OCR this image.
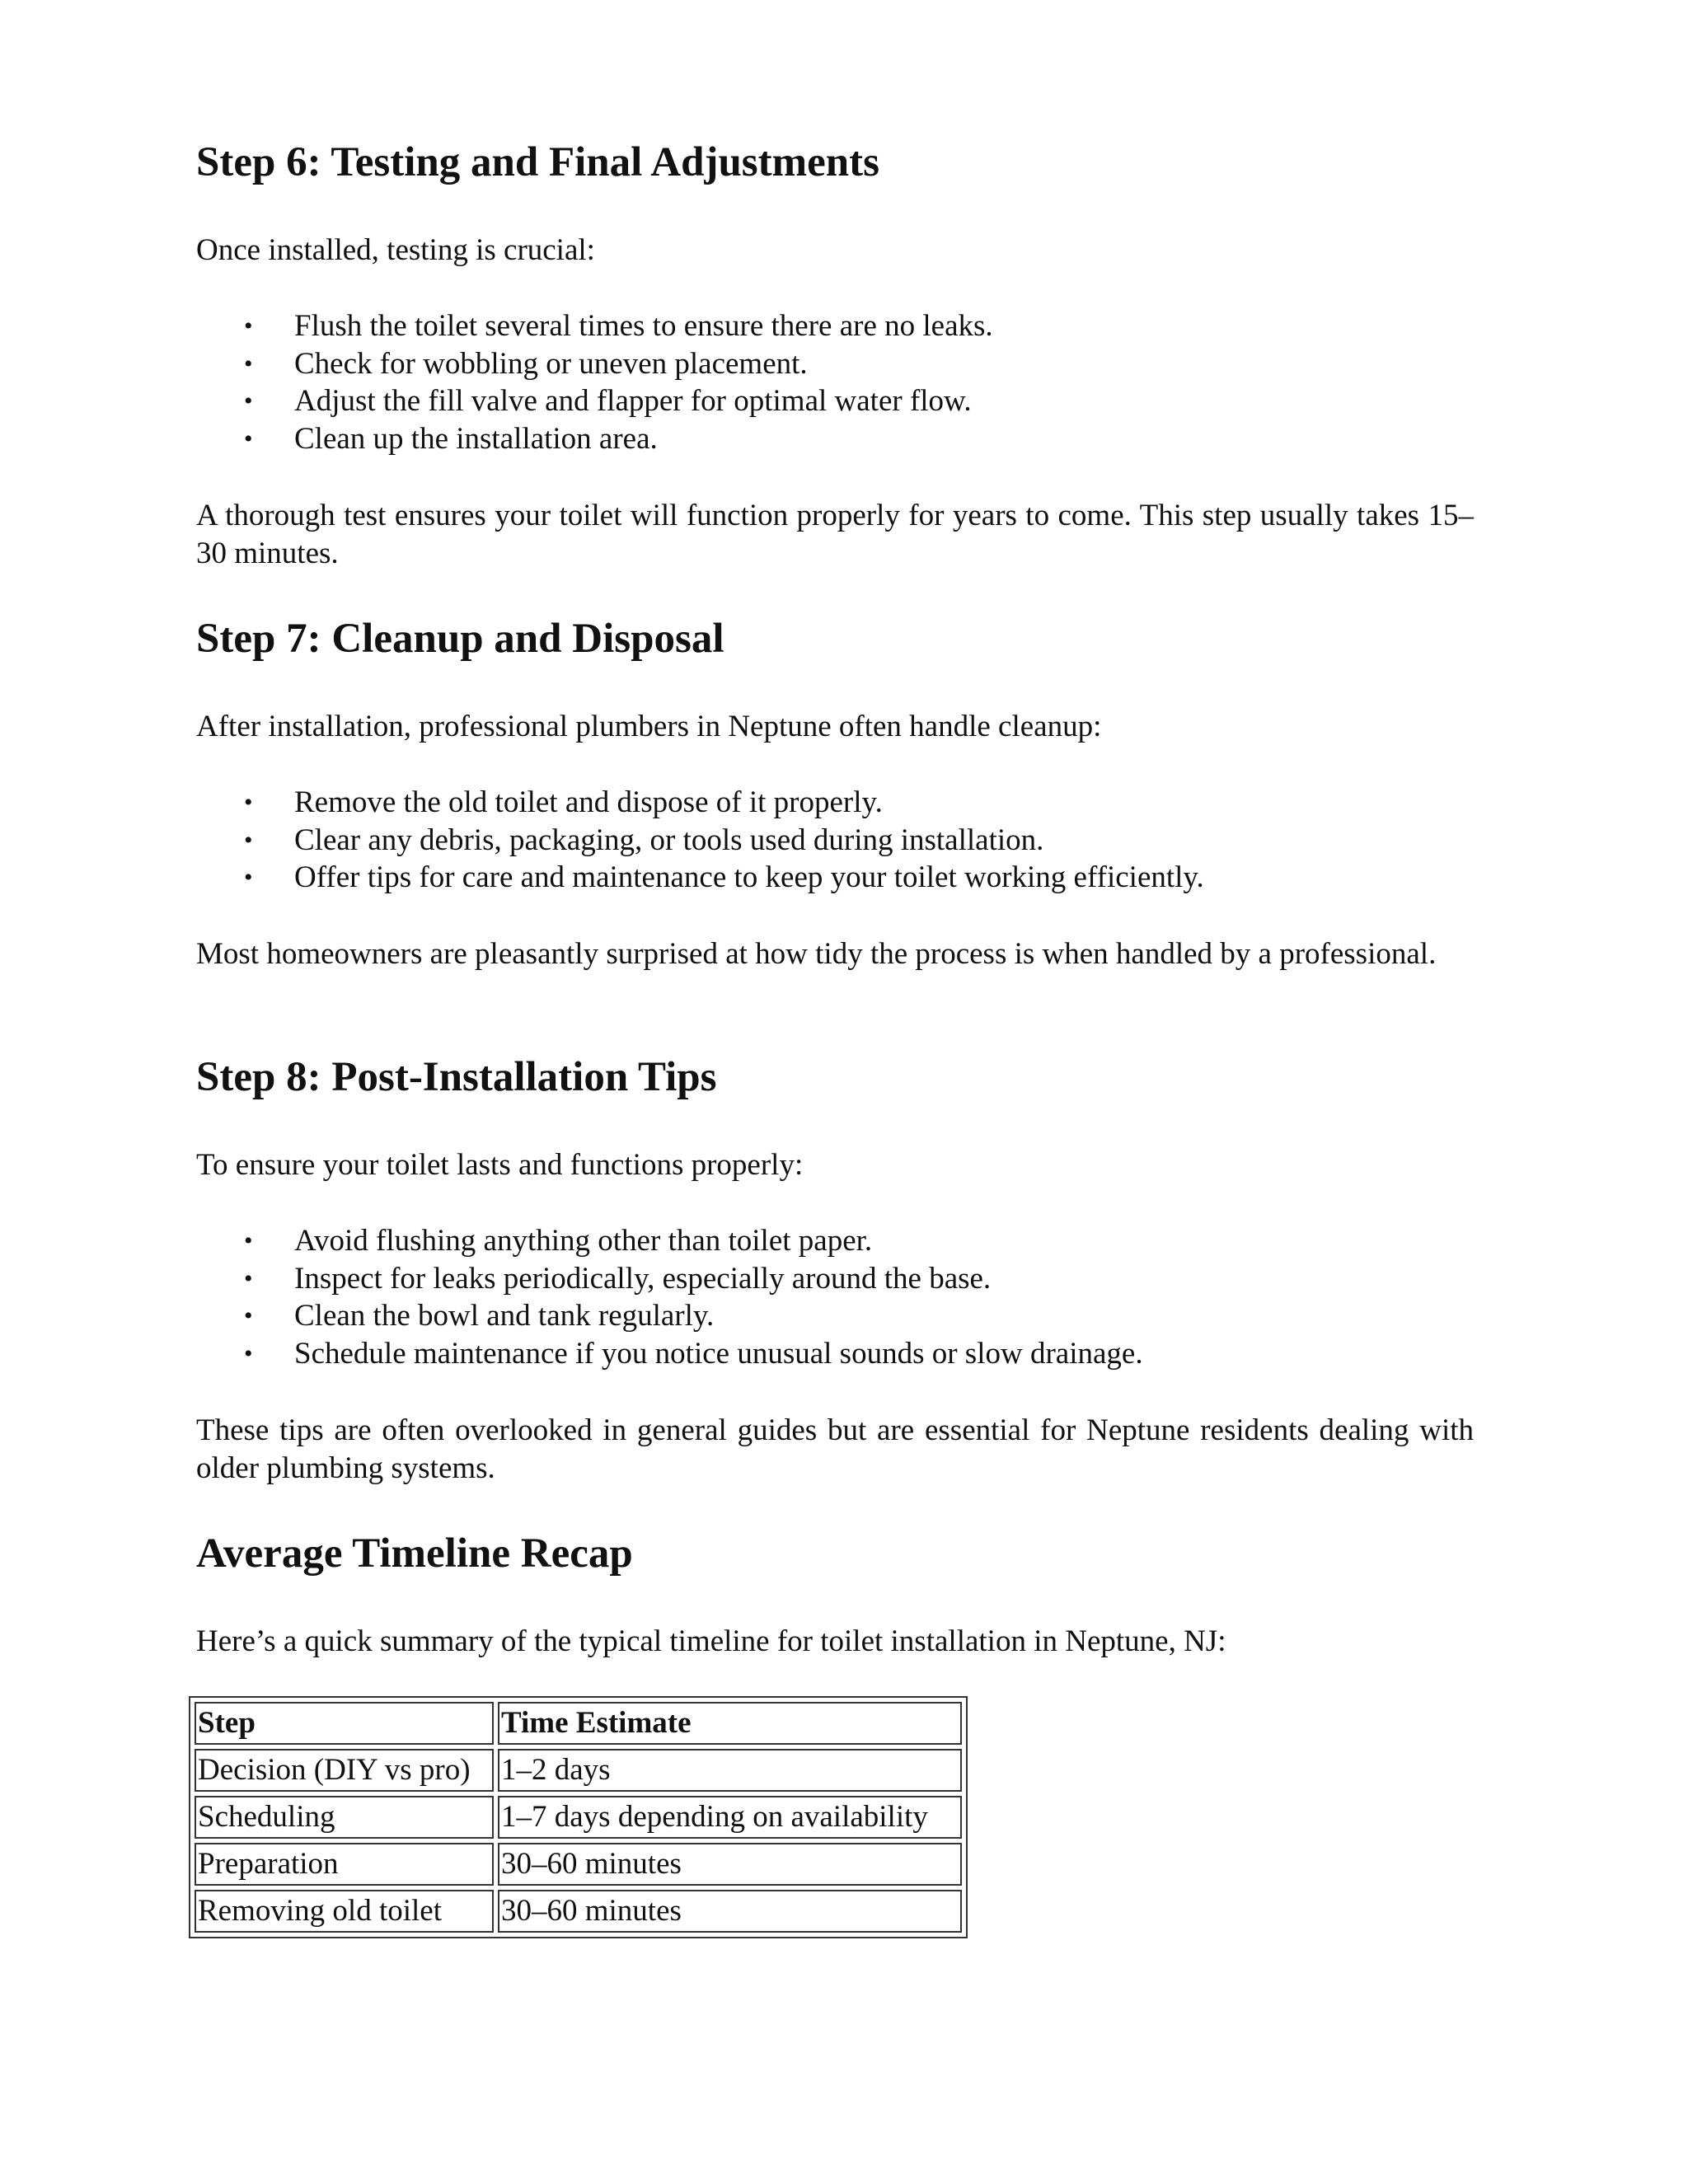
Step 6: Testing and Final Adjustments

Once installed, testing is crucial:

• Flush the toilet several times to ensure there are no leaks.
• Check for wobbling or uneven placement.
• Adjust the fill valve and flapper for optimal water flow.
• Clean up the installation area.

A thorough test ensures your toilet will function properly for years to come. This step usually takes 15–30 minutes.

Step 7: Cleanup and Disposal

After installation, professional plumbers in Neptune often handle cleanup:

• Remove the old toilet and dispose of it properly.
• Clear any debris, packaging, or tools used during installation.
• Offer tips for care and maintenance to keep your toilet working efficiently.

Most homeowners are pleasantly surprised at how tidy the process is when handled by a professional.

Step 8: Post-Installation Tips

To ensure your toilet lasts and functions properly:

• Avoid flushing anything other than toilet paper.
• Inspect for leaks periodically, especially around the base.
• Clean the bowl and tank regularly.
• Schedule maintenance if you notice unusual sounds or slow drainage.

These tips are often overlooked in general guides but are essential for Neptune residents dealing with older plumbing systems.

Average Timeline Recap

Here’s a quick summary of the typical timeline for toilet installation in Neptune, NJ:

Step	Time Estimate
Decision (DIY vs pro)	1–2 days
Scheduling	1–7 days depending on availability
Preparation	30–60 minutes
Removing old toilet	30–60 minutes
